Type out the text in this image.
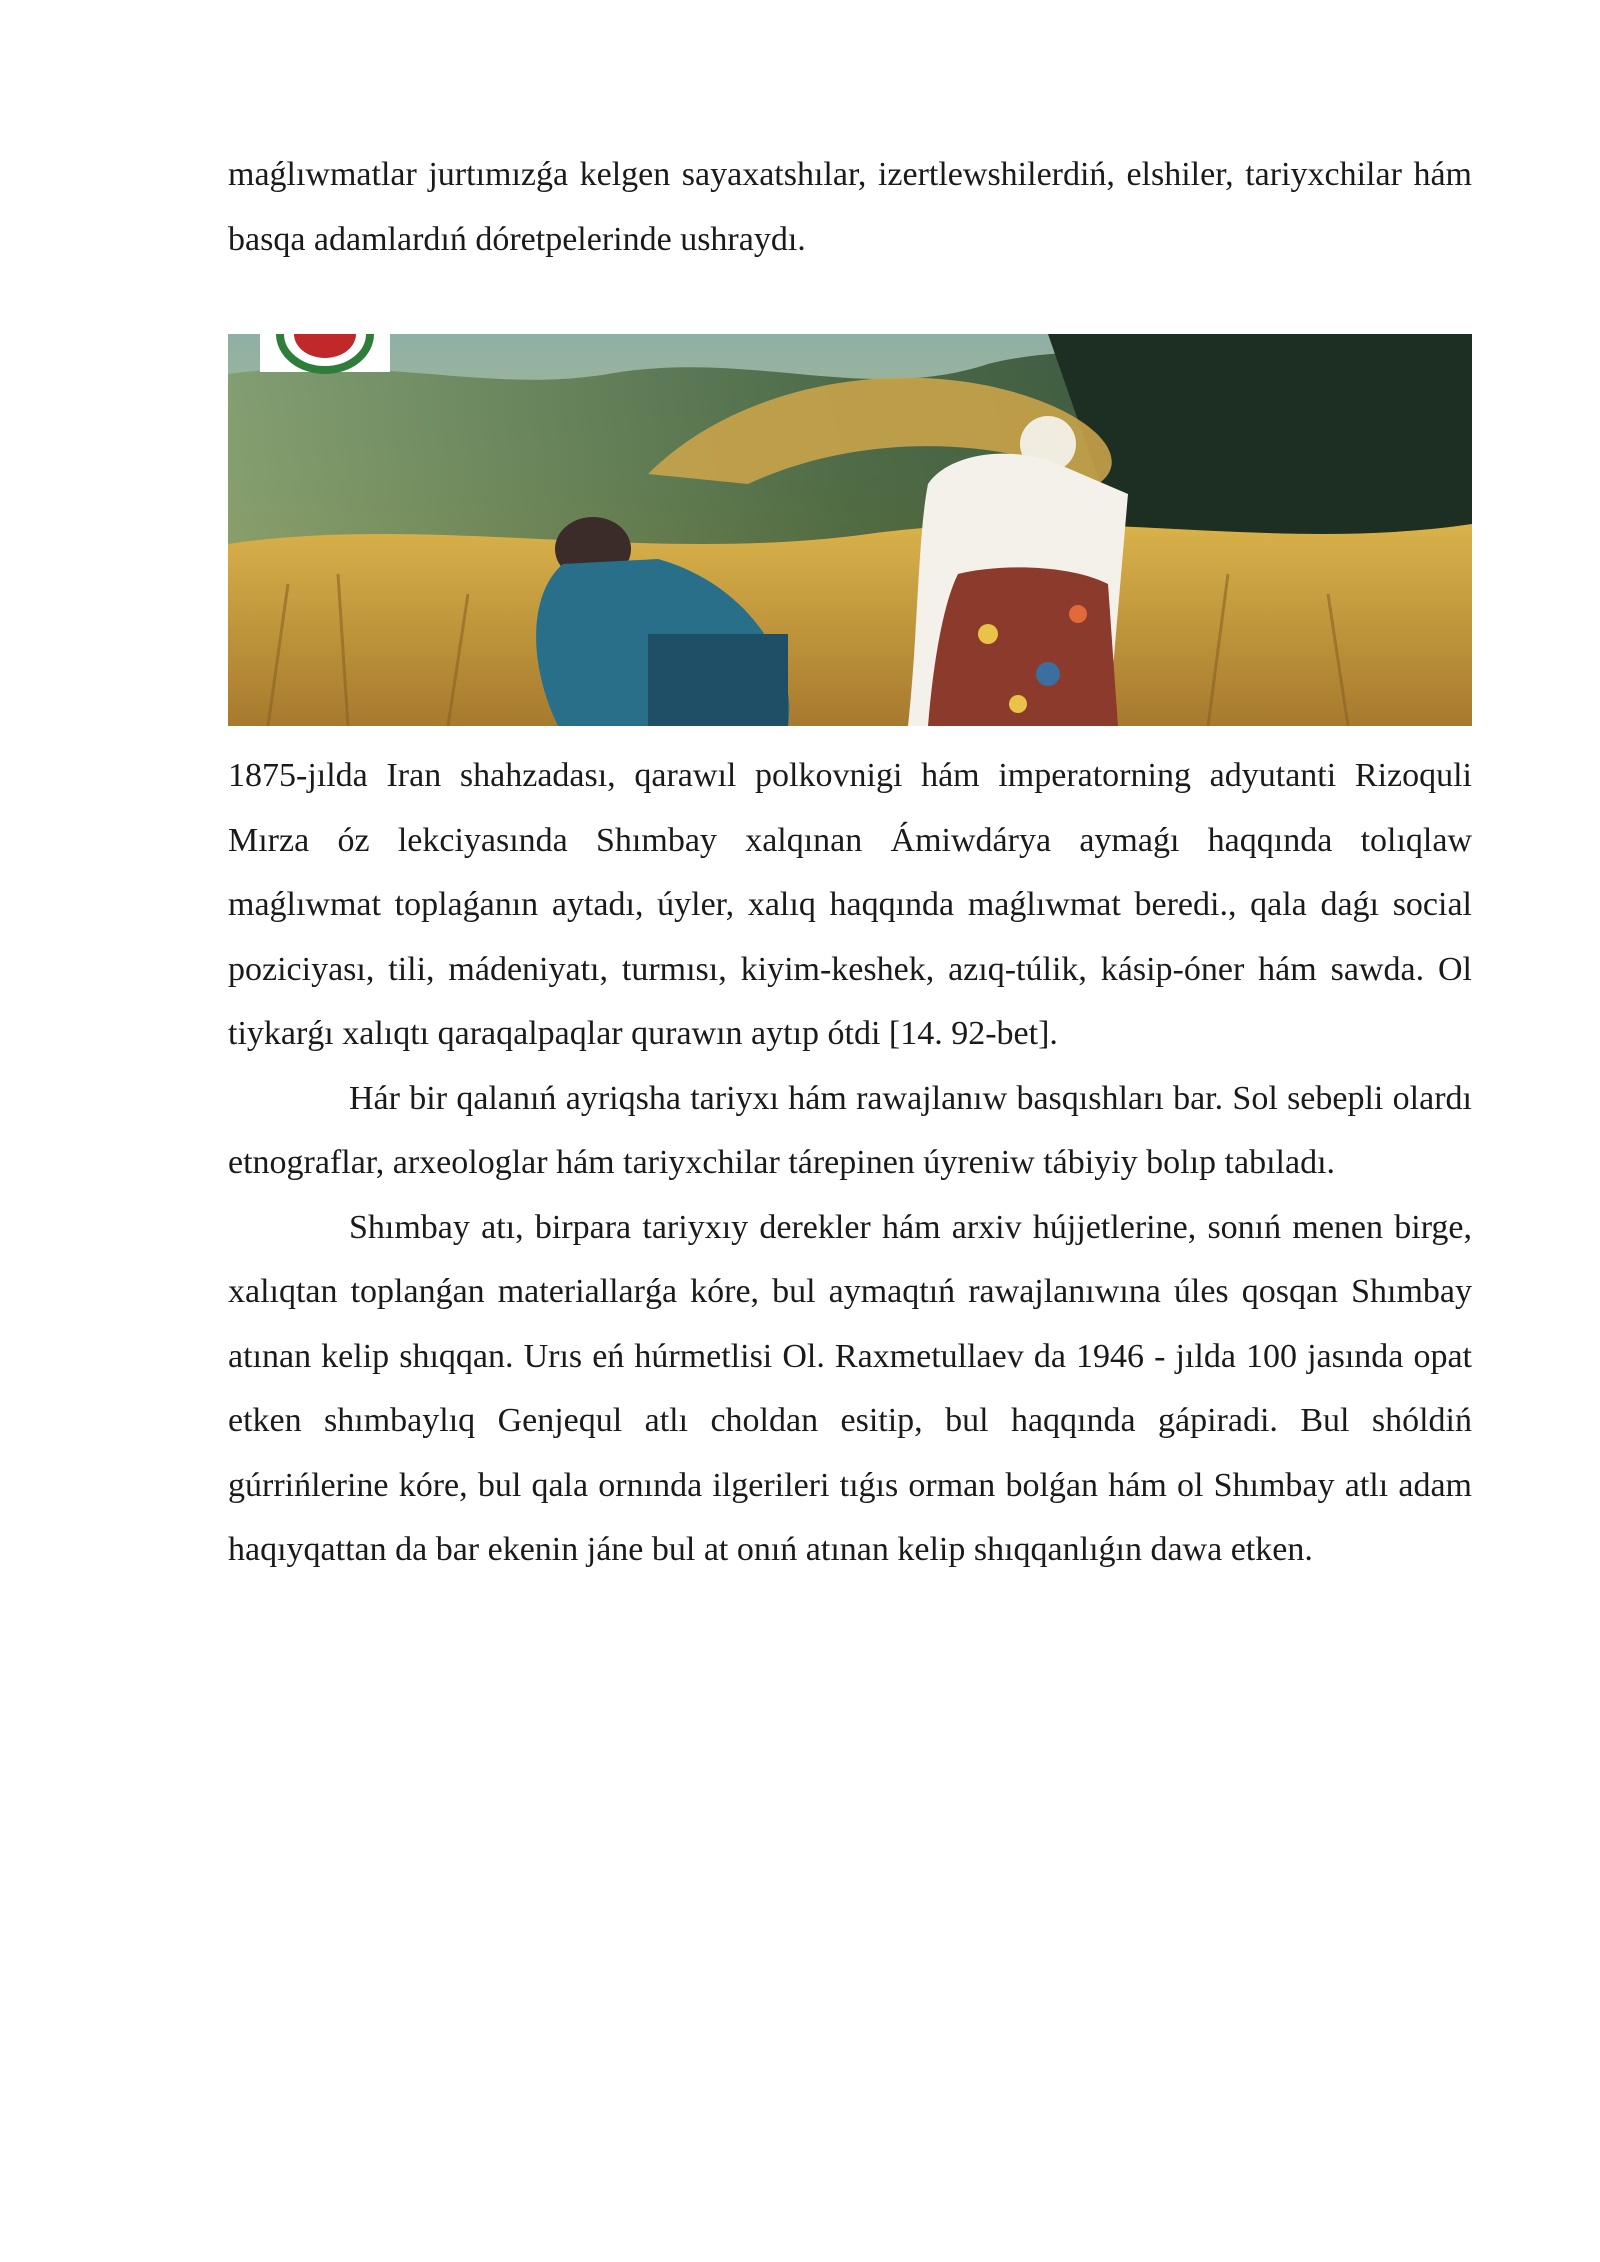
maǵlıwmatlar jurtımızǵa kelgen sayaxatshılar, izertlewshilerdiń, elshiler, tariyxchilar hám basqa adamlardıń dóretpelerinde ushraydı.

1875-jılda Iran shahzadası, qarawıl polkovnigi hám imperatorning adyutanti Rizoquli Mırza óz lekciyasında Shımbay xalqınan Ámiwdárya aymaǵı haqqında tolıqlaw maǵlıwmat toplaǵanın aytadı, úyler, xalıq haqqında maǵlıwmat beredi., qala daǵı social poziciyası, tili, mádeniyatı, turmısı, kiyim-keshek, azıq-túlik, kásip-óner hám sawda. Ol tiykarǵı xalıqtı qaraqalpaqlar qurawın aytıp ótdi [14. 92-bet].

Hár bir qalanıń ayriqsha tariyxı hám rawajlanıw basqıshları bar. Sol sebepli olardı etnograflar, arxeologlar hám tariyxchilar tárepinen úyreniw tábiyiy bolıp tabıladı.

Shımbay atı, birpara tariyxıy derekler hám arxiv hújjetlerine, sonıń menen birge, xalıqtan toplanǵan materiallarǵa kóre, bul aymaqtıń rawajlanıwına úles qosqan Shımbay atınan kelip shıqqan. Urıs eń húrmetlisi Ol. Raxmetullaev da 1946 - jılda 100 jasında opat etken shımbaylıq Genjequl atlı choldan esitip, bul haqqında gápiradi. Bul shóldiń gúrrińlerine kóre, bul qala ornında ilgerileri tıǵıs orman bolǵan hám ol Shımbay atlı adam haqıyqattan da bar ekenin jáne bul at onıń atınan kelip shıqqanlıǵın dawa etken.
